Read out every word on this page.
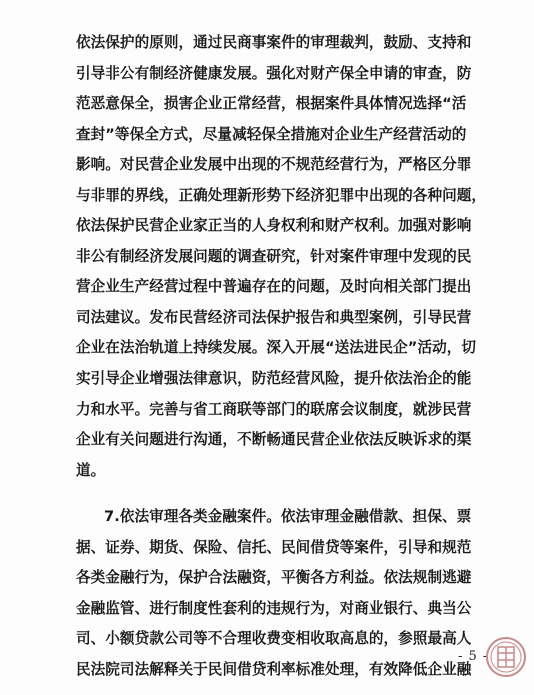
依法保护的原则，通过民商事案件的审理裁判，鼓励、支持和
引导非公有制经济健康发展。强化对财产保全申请的审查，防
范恶意保全，损害企业正常经营，根据案件具体情况选择“活
查封”等保全方式，尽量减轻保全措施对企业生产经营活动的
影响。对民营企业发展中出现的不规范经营行为，严格区分罪
与非罪的界线，正确处理新形势下经济犯罪中出现的各种问题，
依法保护民营企业家正当的人身权利和财产权利。加强对影响
非公有制经济发展问题的调查研究，针对案件审理中发现的民
营企业生产经营过程中普遍存在的问题，及时向相关部门提出
司法建议。发布民营经济司法保护报告和典型案例，引导民营
企业在法治轨道上持续发展。深入开展“送法进民企”活动，切
实引导企业增强法律意识，防范经营风险，提升依法治企的能
力和水平。完善与省工商联等部门的联席会议制度，就涉民营
企业有关问题进行沟通，不断畅通民营企业依法反映诉求的渠
道。
7.依法审理各类金融案件。依法审理金融借款、担保、票
据、证券、期货、保险、信托、民间借贷等案件，引导和规范
各类金融行为，保护合法融资，平衡各方利益。依法规制逃避
金融监管、进行制度性套利的违规行为，对商业银行、典当公
司、小额贷款公司等不合理收费变相收取高息的，参照最高人
民法院司法解释关于民间借贷利率标准处理，有效降低企业融
- 5 -
